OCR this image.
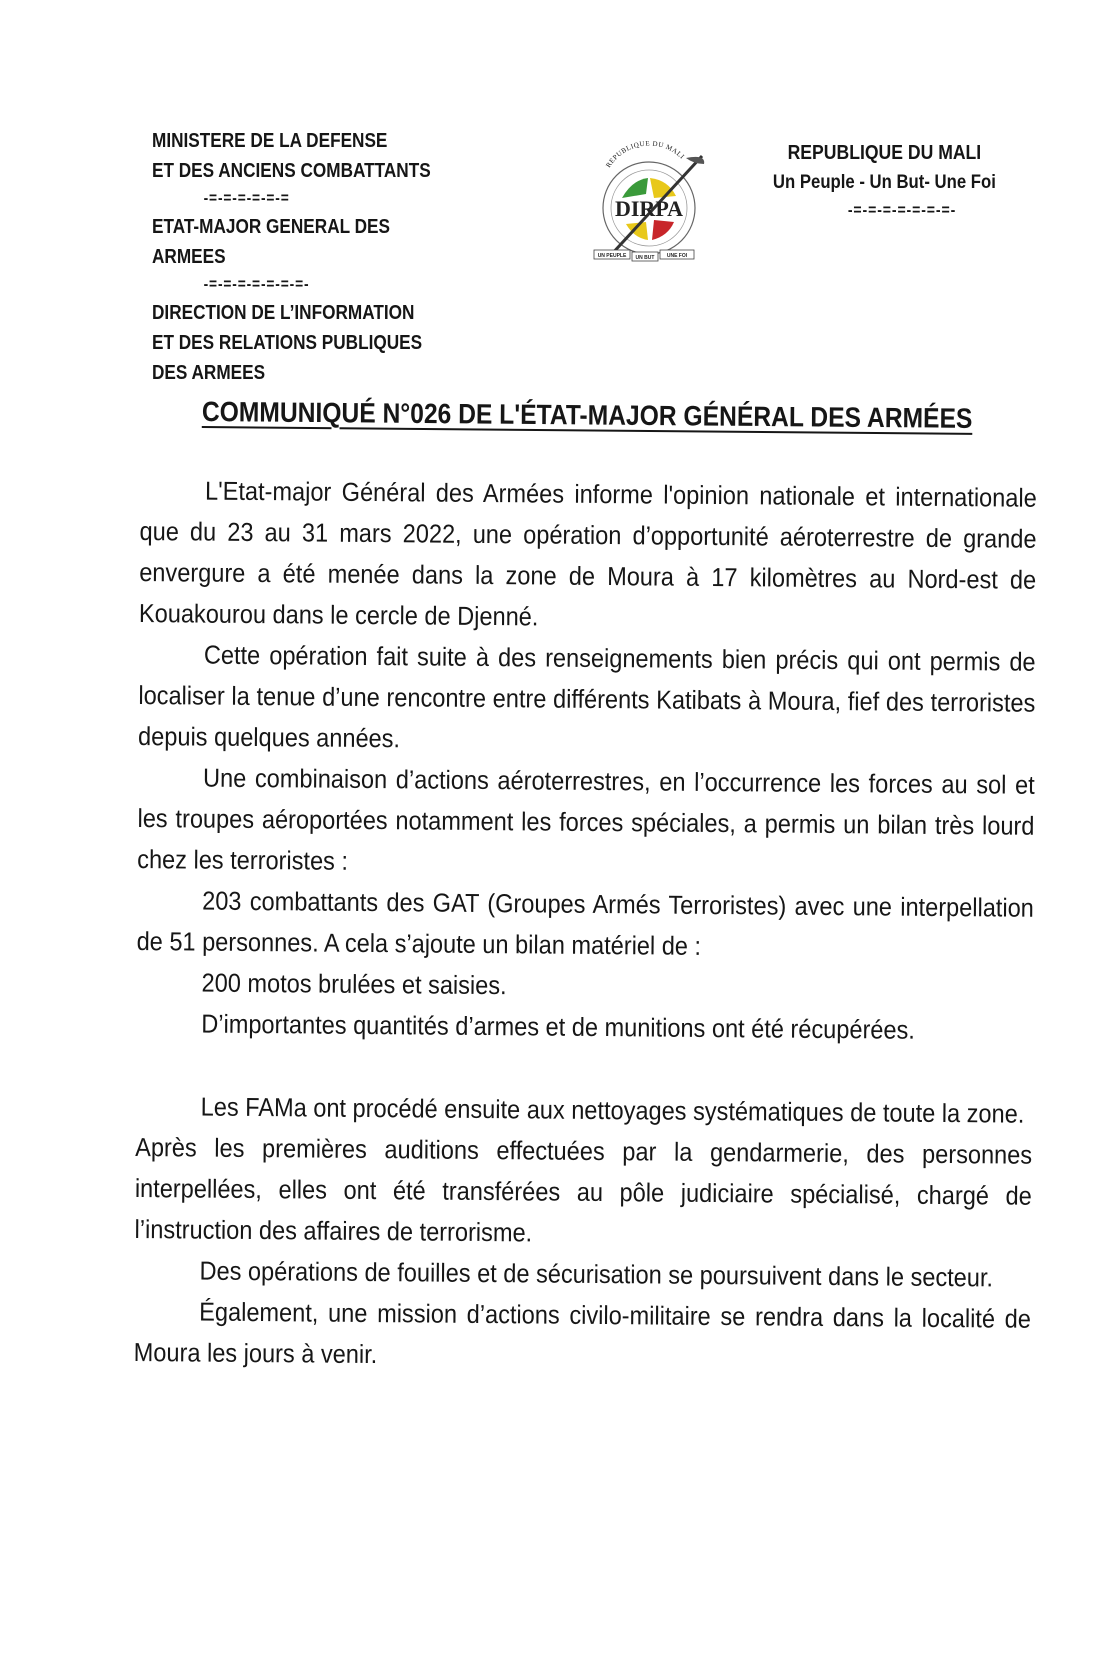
MINISTERE DE LA DEFENSE
ET DES ANCIENS COMBATTANTS
-=-=-=-=-=-=
ETAT-MAJOR GENERAL DES ARMEES
-=-=-=-=-=-=-=-
DIRECTION DE L’INFORMATION
ET DES RELATIONS PUBLIQUES
DES ARMEES
DIRPA
REPUBLIQUE DU MALI
UN PEUPLE UN BUT UNE FOI
REPUBLIQUE DU MALI
Un Peuple - Un But- Une Foi
-=-=-=-=-=-=-=-
COMMUNIQUÉ N°026 DE L'ÉTAT-MAJOR GÉNÉRAL DES ARMÉES

L'Etat-major Général des Armées informe l'opinion nationale et internationale que du 23 au 31 mars 2022, une opération d’opportunité aéroterrestre de grande envergure a été menée dans la zone de Moura à 17 kilomètres au Nord-est de Kouakourou dans le cercle de Djenné.

Cette opération fait suite à des renseignements bien précis qui ont permis de localiser la tenue d’une rencontre entre différents Katibats à Moura, fief des terroristes depuis quelques années.

Une combinaison d’actions aéroterrestres, en l’occurrence les forces au sol et les troupes aéroportées notamment les forces spéciales, a permis un bilan très lourd chez les terroristes :

203 combattants des GAT (Groupes Armés Terroristes) avec une interpellation de 51 personnes. A cela s’ajoute un bilan matériel de :

200 motos brulées et saisies.

D’importantes quantités d’armes et de munitions ont été récupérées.

Les FAMa ont procédé ensuite aux nettoyages systématiques de toute la zone.

Après les premières auditions effectuées par la gendarmerie, des personnes interpellées, elles ont été transférées au pôle judiciaire spécialisé, chargé de l’instruction des affaires de terrorisme.

Des opérations de fouilles et de sécurisation se poursuivent dans le secteur.

Également, une mission d’actions civilo-militaire se rendra dans la localité de Moura les jours à venir.
